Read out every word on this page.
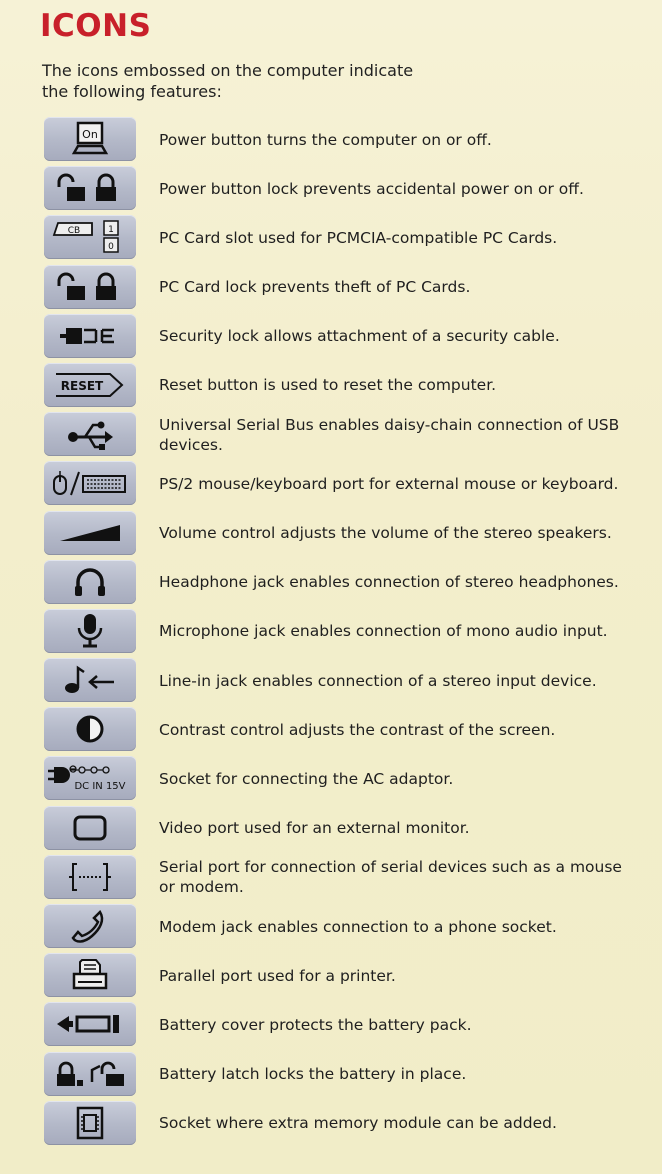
ICONS
The icons embossed on the computer indicate the following features:
On	Power button turns the computer on or off.
Power button lock prevents accidental power on or off.
CB	1
0
PC Card slot used for PCMCIA-compatible PC Cards.
PC Card lock prevents theft of PC Cards.
Security lock allows attachment of a security cable.
RESET	Reset button is used to reset the computer.
Universal Serial Bus enables daisy-chain connection of USB devices.
PS/2 mouse/keyboard port for external mouse or keyboard.
Volume control adjusts the volume of the stereo speakers.
Headphone jack enables connection of stereo headphones.
Microphone jack enables connection of mono audio input.
Line-in jack enables connection of a stereo input device.
Contrast control adjusts the contrast of the screen.
DC IN 15V Socket for connecting the AC adaptor.
Video port used for an external monitor.
Serial port for connection of serial devices such as a mouse or modem.
Modem jack enables connection to a phone socket.
Parallel port used for a printer.
Battery cover protects the battery pack.
Battery latch locks the battery in place.
Socket where extra memory module can be added.
